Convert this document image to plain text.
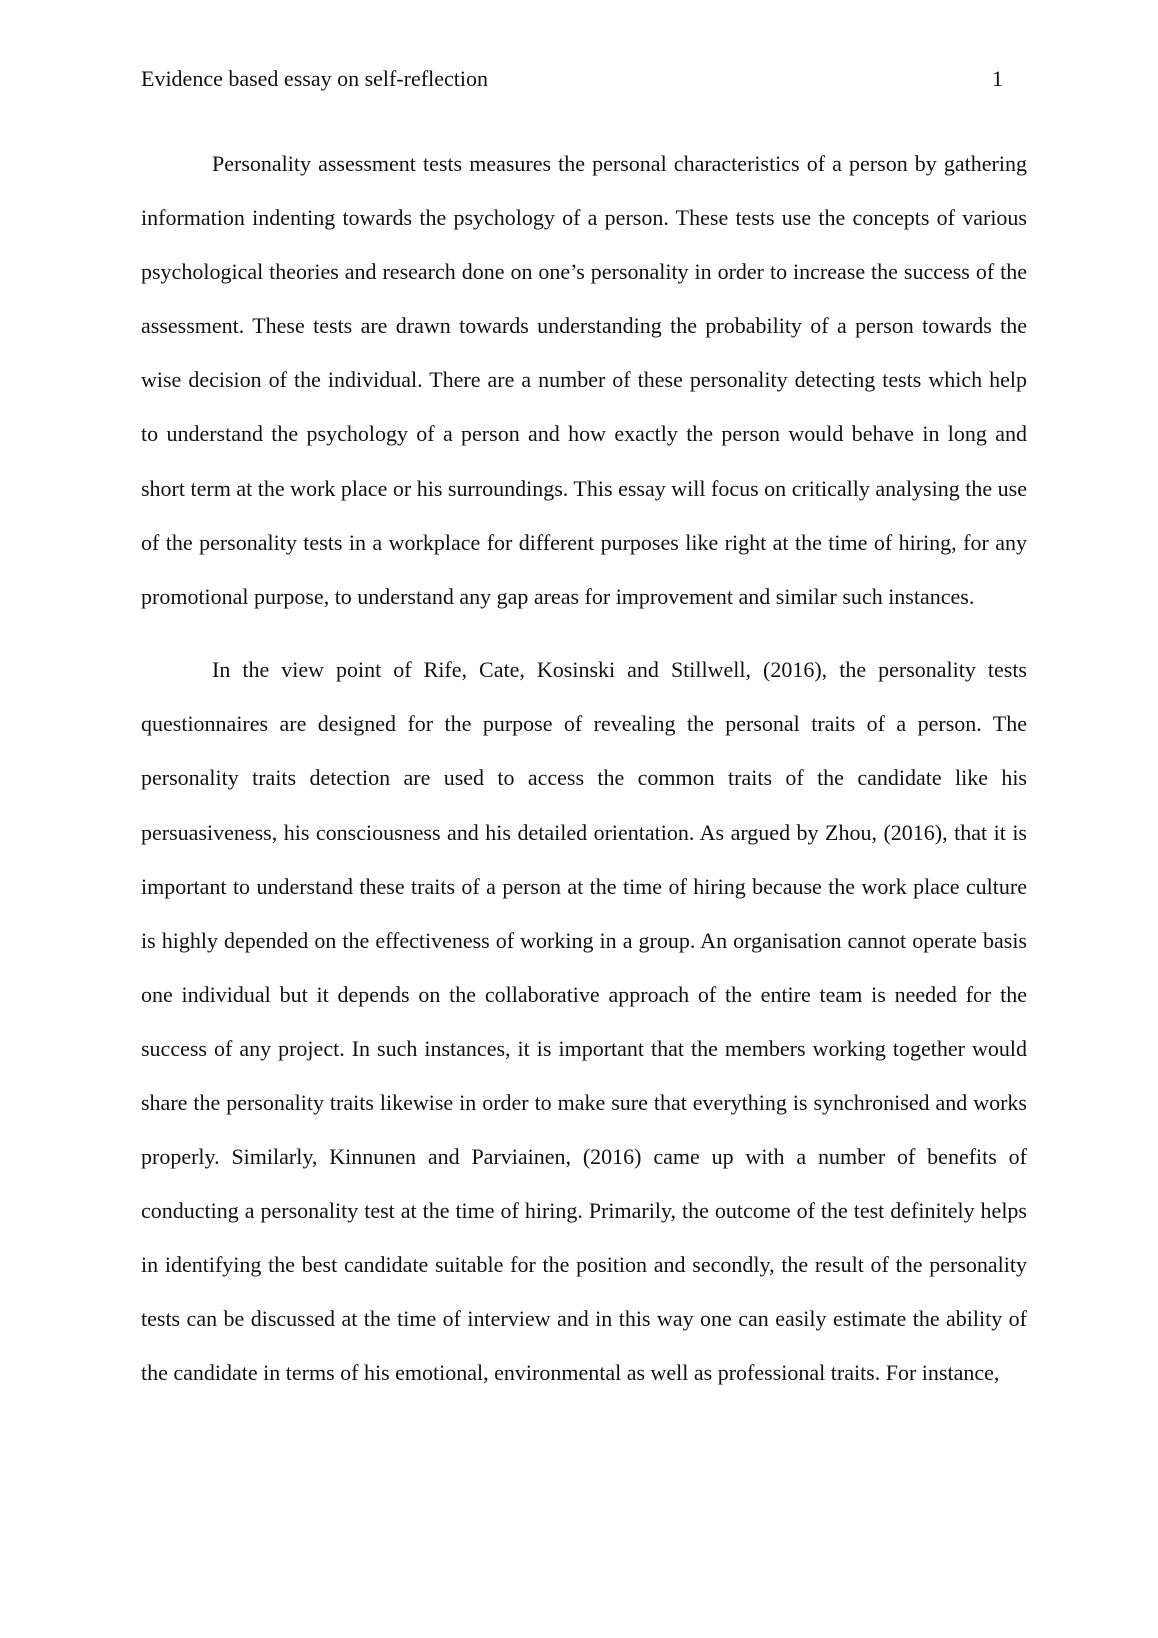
Evidence based essay on self-reflection	1

Personality assessment tests measures the personal characteristics of a person by gathering information indenting towards the psychology of a person. These tests use the concepts of various psychological theories and research done on one’s personality in order to increase the success of the assessment. These tests are drawn towards understanding the probability of a person towards the wise decision of the individual. There are a number of these personality detecting tests which help to understand the psychology of a person and how exactly the person would behave in long and short term at the work place or his surroundings. This essay will focus on critically analysing the use of the personality tests in a workplace for different purposes like right at the time of hiring, for any promotional purpose, to understand any gap areas for improvement and similar such instances.

In the view point of Rife, Cate, Kosinski and Stillwell, (2016), the personality tests questionnaires are designed for the purpose of revealing the personal traits of a person. The personality traits detection are used to access the common traits of the candidate like his persuasiveness, his consciousness and his detailed orientation. As argued by Zhou, (2016), that it is important to understand these traits of a person at the time of hiring because the work place culture is highly depended on the effectiveness of working in a group. An organisation cannot operate basis one individual but it depends on the collaborative approach of the entire team is needed for the success of any project. In such instances, it is important that the members working together would share the personality traits likewise in order to make sure that everything is synchronised and works properly. Similarly, Kinnunen and Parviainen, (2016) came up with a number of benefits of conducting a personality test at the time of hiring. Primarily, the outcome of the test definitely helps in identifying the best candidate suitable for the position and secondly, the result of the personality tests can be discussed at the time of interview and in this way one can easily estimate the ability of the candidate in terms of his emotional, environmental as well as professional traits. For instance,
